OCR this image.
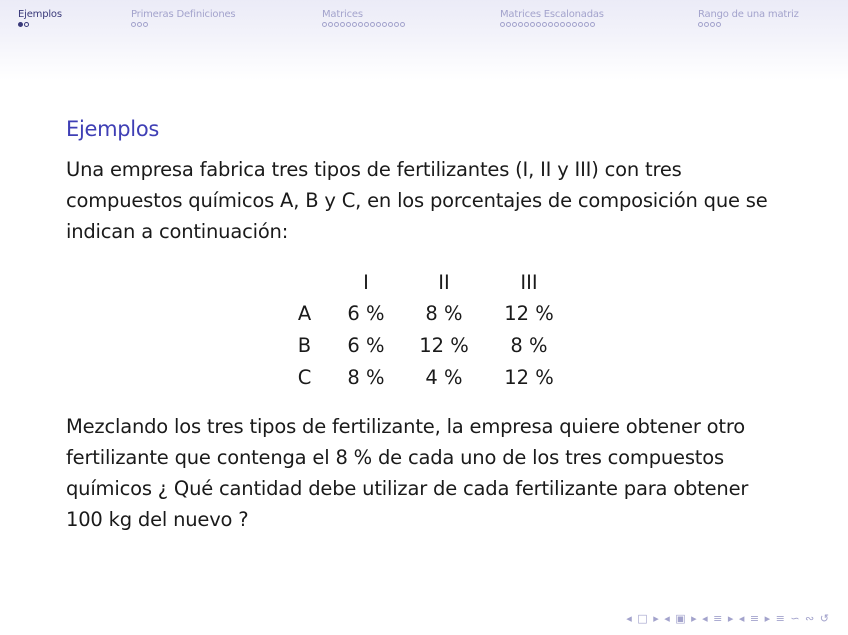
Ejemplos	Primeras Definiciones	Matrices	Matrices Escalonadas	Rango de una matriz
Ejemplos
Una empresa fabrica tres tipos de fertilizantes (I, II y III) con tres compuestos químicos A, B y C, en los porcentajes de composición que se indican a continuación:
	I	II	III
A	6 %	8 %	12 %
B	6 %	12 %	8 %
C	8 %	4 %	12 %
Mezclando los tres tipos de fertilizante, la empresa quiere obtener otro fertilizante que contenga el 8 % de cada uno de los tres compuestos químicos ¿ Qué cantidad debe utilizar de cada fertilizante para obtener 100 kg del nuevo ?
◂ □ ▸ ◂ ▣ ▸ ◂ ≡ ▸ ◂ ≡ ▸ ≡ ∽ ∾ ↺
